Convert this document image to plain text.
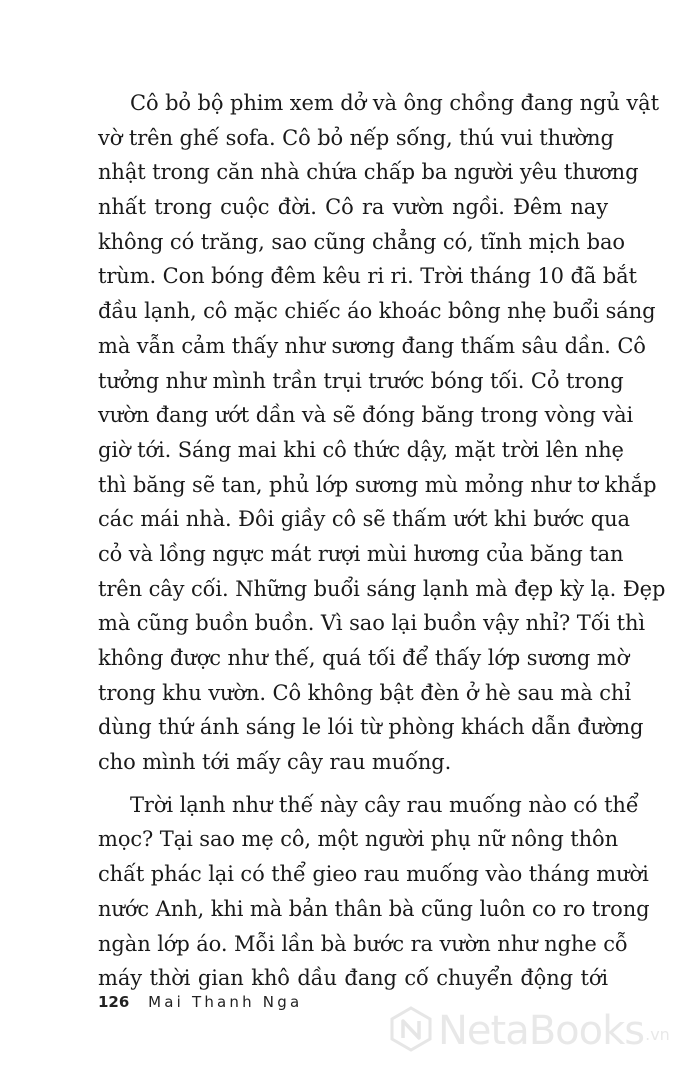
Cô bỏ bộ phim xem dở và ông chồng đang ngủ vật
vờ trên ghế sofa. Cô bỏ nếp sống, thú vui thường
nhật trong căn nhà chứa chấp ba người yêu thương
nhất trong cuộc đời. Cô ra vườn ngồi. Đêm nay
không có trăng, sao cũng chẳng có, tĩnh mịch bao
trùm. Con bóng đêm kêu ri ri. Trời tháng 10 đã bắt
đầu lạnh, cô mặc chiếc áo khoác bông nhẹ buổi sáng
mà vẫn cảm thấy như sương đang thấm sâu dần. Cô
tưởng như mình trần trụi trước bóng tối. Cỏ trong
vườn đang ướt dần và sẽ đóng băng trong vòng vài
giờ tới. Sáng mai khi cô thức dậy, mặt trời lên nhẹ
thì băng sẽ tan, phủ lớp sương mù mỏng như tơ khắp
các mái nhà. Đôi giầy cô sẽ thấm ướt khi bước qua
cỏ và lồng ngực mát rượi mùi hương của băng tan
trên cây cối. Những buổi sáng lạnh mà đẹp kỳ lạ. Đẹp
mà cũng buồn buồn. Vì sao lại buồn vậy nhỉ? Tối thì
không được như thế, quá tối để thấy lớp sương mờ
trong khu vườn. Cô không bật đèn ở hè sau mà chỉ
dùng thứ ánh sáng le lói từ phòng khách dẫn đường
cho mình tới mấy cây rau muống.
Trời lạnh như thế này cây rau muống nào có thể
mọc? Tại sao mẹ cô, một người phụ nữ nông thôn
chất phác lại có thể gieo rau muống vào tháng mười
nước Anh, khi mà bản thân bà cũng luôn co ro trong
ngàn lớp áo. Mỗi lần bà bước ra vườn như nghe cỗ
máy thời gian khô dầu đang cố chuyển động tới
126 Mai Thanh Nga
NetaBooks .vn
